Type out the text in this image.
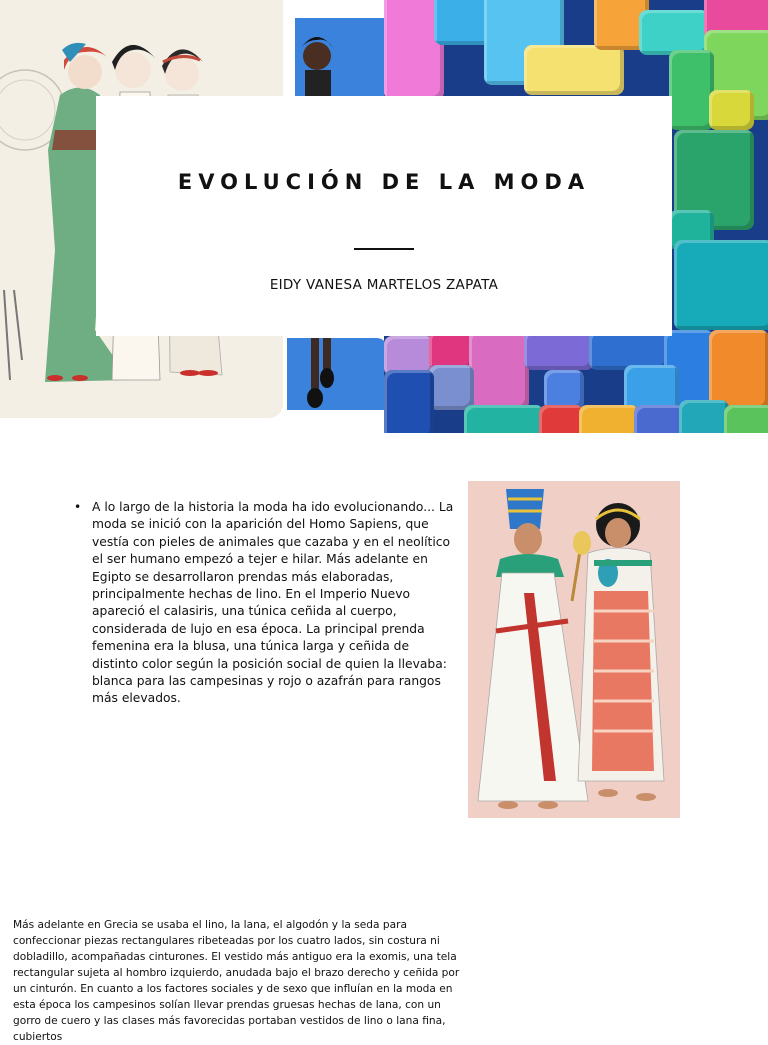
EVOLUCIÓN DE LA MODA
EIDY VANESA MARTELOS ZAPATA
• A lo largo de la historia la moda ha ido evolucionando... La moda se inició con la aparición del Homo Sapiens, que vestía con pieles de animales que cazaba y en el neolítico el ser humano empezó a tejer e hilar. Más adelante en Egipto se desarrollaron prendas más elaboradas, principalmente hechas de lino. En el Imperio Nuevo apareció el calasiris, una túnica ceñida al cuerpo, considerada de lujo en esa época. La principal prenda femenina era la blusa, una túnica larga y ceñida de distinto color según la posición social de quien la llevaba: blanca para las campesinas y rojo o azafrán para rangos más elevados.
Más adelante en Grecia se usaba el lino, la lana, el algodón y la seda para confeccionar piezas rectangulares ribeteadas por los cuatro lados, sin costura ni dobladillo, acompañadas cinturones. El vestido más antiguo era la exomis, una tela rectangular sujeta al hombro izquierdo, anudada bajo el brazo derecho y ceñida por un cinturón. En cuanto a los factores sociales y de sexo que influían en la moda en esta época los campesinos solían llevar prendas gruesas hechas de lana, con un gorro de cuero y las clases más favorecidas portaban vestidos de lino o lana fina, cubiertos
